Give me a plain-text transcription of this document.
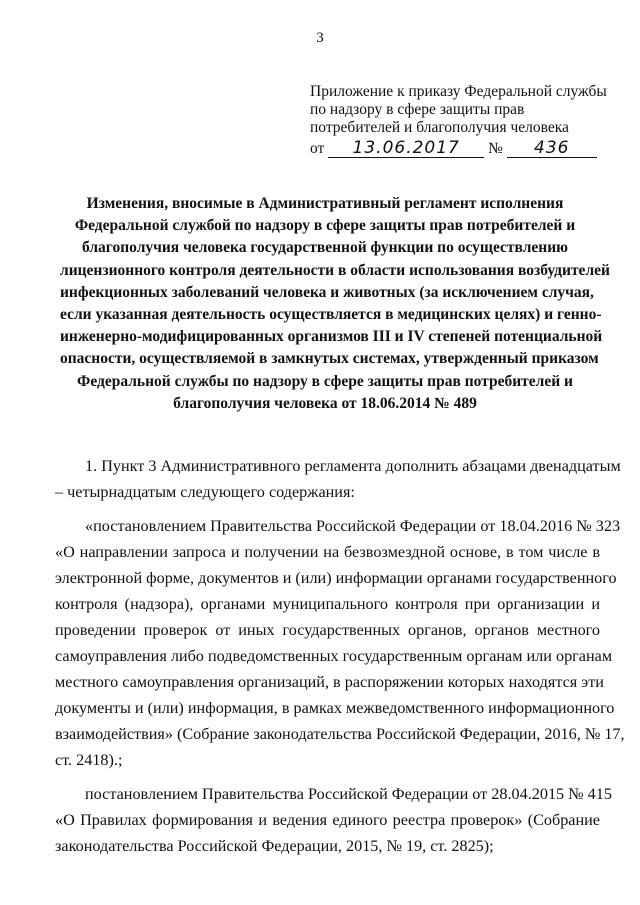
3
Приложение к приказу Федеральной службы
по надзору в сфере защиты прав
потребителей и благополучия человека
от 13.06.2017 № 436
Изменения, вносимые в Административный регламент исполнения
Федеральной службой по надзору в сфере защиты прав потребителей и
благополучия человека государственной функции по осуществлению
лицензионного контроля деятельности в области использования возбудителей
инфекционных заболеваний человека и животных (за исключением случая,
если указанная деятельность осуществляется в медицинских целях) и генно-
инженерно-модифицированных организмов III и IV степеней потенциальной
опасности, осуществляемой в замкнутых системах, утвержденный приказом
Федеральной службы по надзору в сфере защиты прав потребителей и
благополучия человека от 18.06.2014 № 489
1. Пункт 3 Административного регламента дополнить абзацами двенадцатым
– четырнадцатым следующего содержания:
«постановлением Правительства Российской Федерации от 18.04.2016 № 323
«О направлении запроса и получении на безвозмездной основе, в том числе в
электронной форме, документов и (или) информации органами государственного
контроля (надзора), органами муниципального контроля при организации и
проведении проверок от иных государственных органов, органов местного
самоуправления либо подведомственных государственным органам или органам
местного самоуправления организаций, в распоряжении которых находятся эти
документы и (или) информация, в рамках межведомственного информационного
взаимодействия» (Собрание законодательства Российской Федерации, 2016, № 17,
ст. 2418).;
постановлением Правительства Российской Федерации от 28.04.2015 № 415
«О Правилах формирования и ведения единого реестра проверок» (Собрание
законодательства Российской Федерации, 2015, № 19, ст. 2825);
